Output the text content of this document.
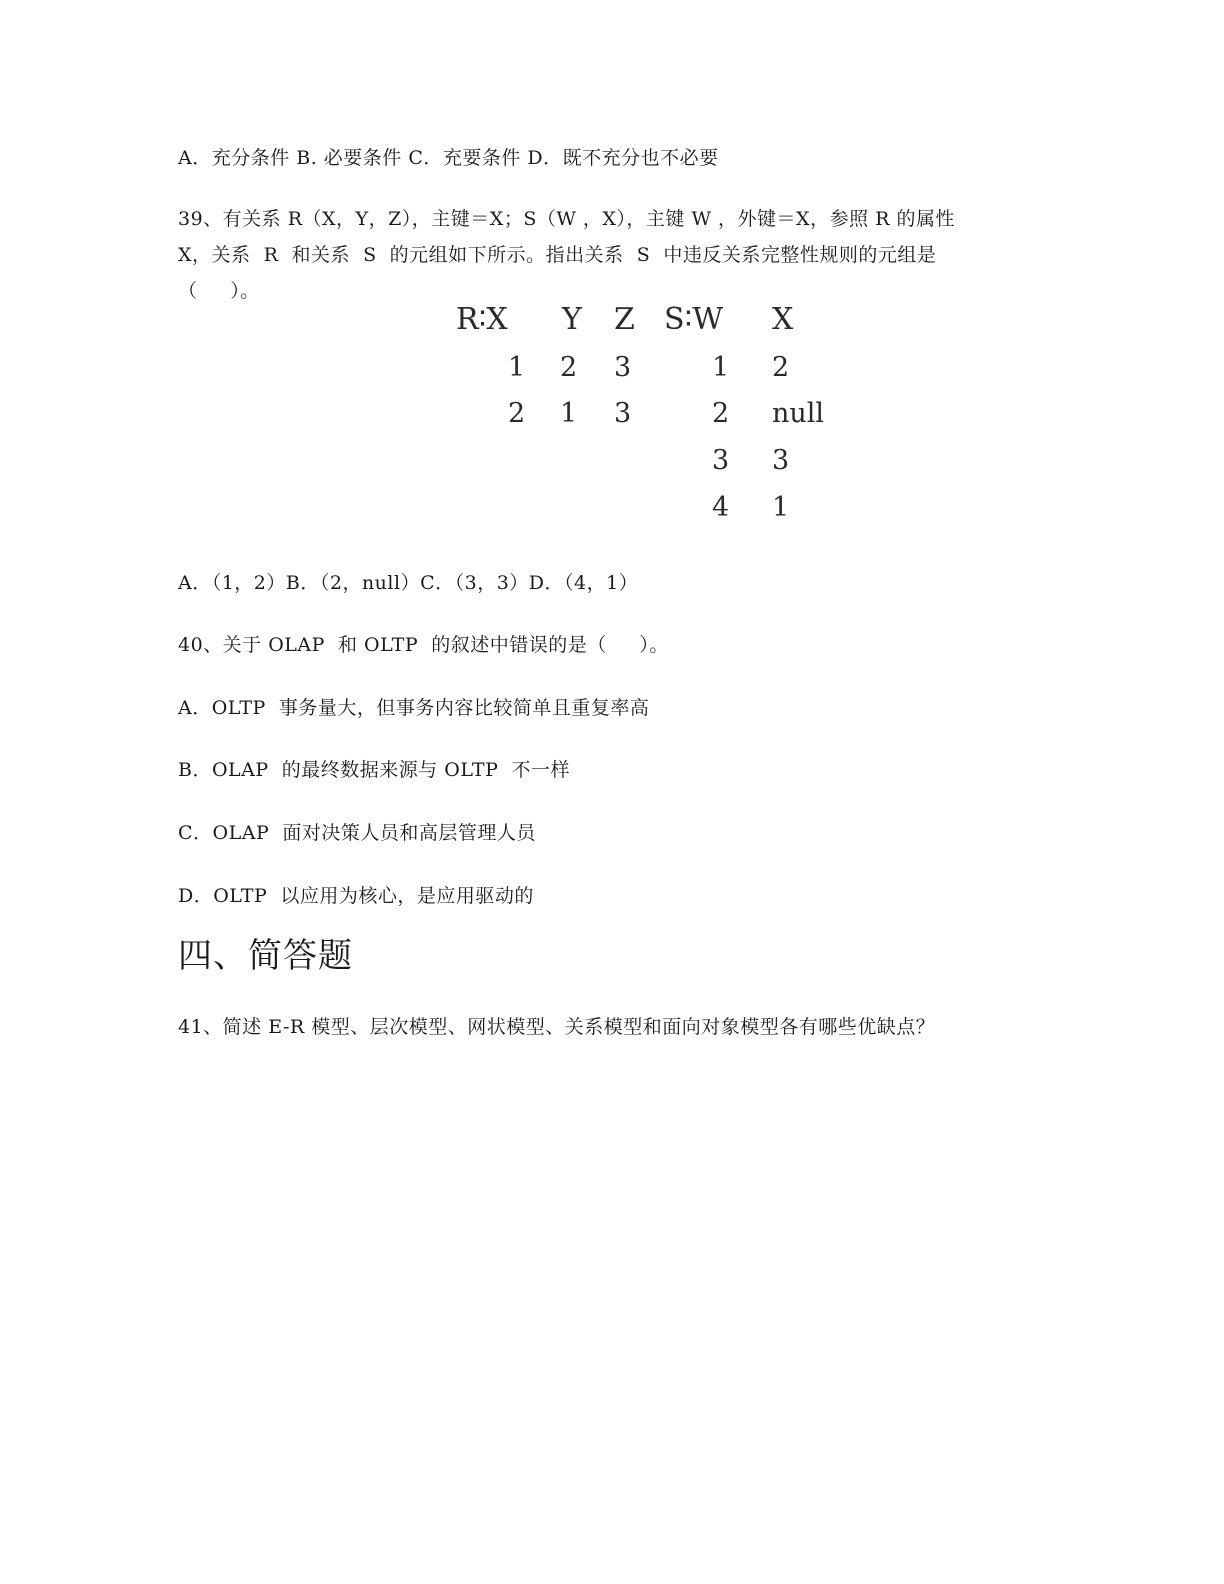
A．充分条件 B. 必要条件 C．充要条件 D．既不充分也不必要
39、有关系 R（X，Y，Z），主键＝X；S（W ，X），主键 W ，外键＝X，参照 R 的属性
X，关系  R  和关系  S  的元组如下所示。指出关系  S  中违反关系完整性规则的元组是
（     ）。
R∶X Y Z S∶W X
1 2 3
2 1 3
1 2
2 null
3 3
4 1
A．（1，2）B．（2，null）C．（3，3）D．（4，1）
40、关于 OLAP  和 OLTP  的叙述中错误的是（     ）。
A．OLTP  事务量大，但事务内容比较简单且重复率高
B．OLAP  的最终数据来源与 OLTP  不一样
C．OLAP  面对决策人员和高层管理人员
D．OLTP  以应用为核心，是应用驱动的
四、简答题
41、简述 E-R 模型、层次模型、网状模型、关系模型和面向对象模型各有哪些优缺点？
